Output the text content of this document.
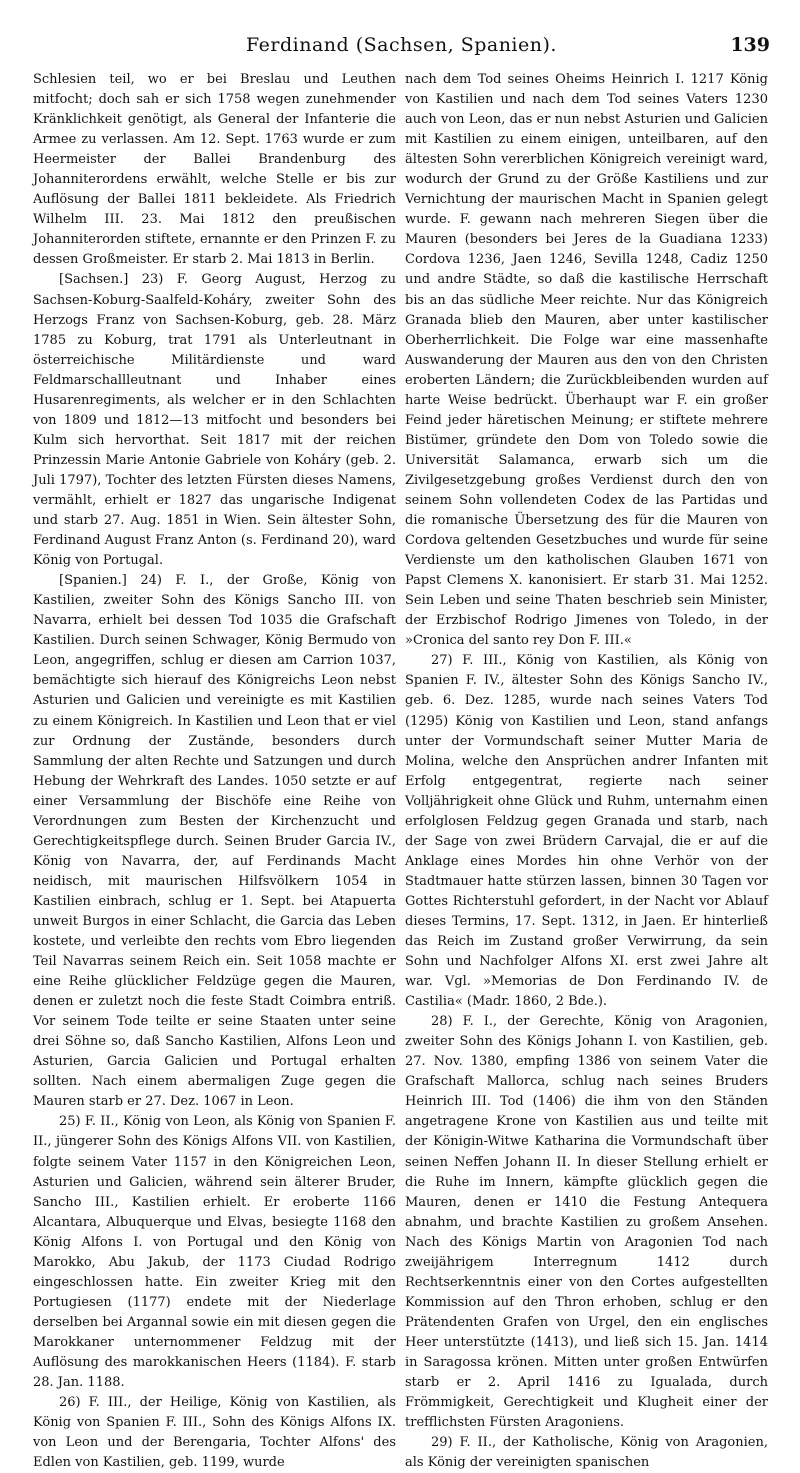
Ferdinand (Sachsen, Spanien).	139

Schlesien teil, wo er bei Breslau und Leuthen mitfocht; doch sah er sich 1758 wegen zunehmender Kränklichkeit genötigt, als General der Infanterie die Armee zu verlassen. Am 12. Sept. 1763 wurde er zum Heermeister der Ballei Brandenburg des Johanniterordens erwählt, welche Stelle er bis zur Auflösung der Ballei 1811 bekleidete. Als Friedrich Wilhelm III. 23. Mai 1812 den preußischen Johanniterorden stiftete, ernannte er den Prinzen F. zu dessen Großmeister. Er starb 2. Mai 1813 in Berlin.

[Sachsen.] 23) F. Georg August, Herzog zu Sachsen-Koburg-Saalfeld-Koháry, zweiter Sohn des Herzogs Franz von Sachsen-Koburg, geb. 28. März 1785 zu Koburg, trat 1791 als Unterleutnant in österreichische Militärdienste und ward Feldmarschallleutnant und Inhaber eines Husarenregiments, als welcher er in den Schlachten von 1809 und 1812—13 mitfocht und besonders bei Kulm sich hervorthat. Seit 1817 mit der reichen Prinzessin Marie Antonie Gabriele von Koháry (geb. 2. Juli 1797), Tochter des letzten Fürsten dieses Namens, vermählt, erhielt er 1827 das ungarische Indigenat und starb 27. Aug. 1851 in Wien. Sein ältester Sohn, Ferdinand August Franz Anton (s. Ferdinand 20), ward König von Portugal.

[Spanien.] 24) F. I., der Große, König von Kastilien, zweiter Sohn des Königs Sancho III. von Navarra, erhielt bei dessen Tod 1035 die Grafschaft Kastilien. Durch seinen Schwager, König Bermudo von Leon, angegriffen, schlug er diesen am Carrion 1037, bemächtigte sich hierauf des Königreichs Leon nebst Asturien und Galicien und vereinigte es mit Kastilien zu einem Königreich. In Kastilien und Leon that er viel zur Ordnung der Zustände, besonders durch Sammlung der alten Rechte und Satzungen und durch Hebung der Wehrkraft des Landes. 1050 setzte er auf einer Versammlung der Bischöfe eine Reihe von Verordnungen zum Besten der Kirchenzucht und Gerechtigkeitspflege durch. Seinen Bruder Garcia IV., König von Navarra, der, auf Ferdinands Macht neidisch, mit maurischen Hilfsvölkern 1054 in Kastilien einbrach, schlug er 1. Sept. bei Atapuerta unweit Burgos in einer Schlacht, die Garcia das Leben kostete, und verleibte den rechts vom Ebro liegenden Teil Navarras seinem Reich ein. Seit 1058 machte er eine Reihe glücklicher Feldzüge gegen die Mauren, denen er zuletzt noch die feste Stadt Coimbra entriß. Vor seinem Tode teilte er seine Staaten unter seine drei Söhne so, daß Sancho Kastilien, Alfons Leon und Asturien, Garcia Galicien und Portugal erhalten sollten. Nach einem abermaligen Zuge gegen die Mauren starb er 27. Dez. 1067 in Leon.

25) F. II., König von Leon, als König von Spanien F. II., jüngerer Sohn des Königs Alfons VII. von Kastilien, folgte seinem Vater 1157 in den Königreichen Leon, Asturien und Galicien, während sein älterer Bruder, Sancho III., Kastilien erhielt. Er eroberte 1166 Alcantara, Albuquerque und Elvas, besiegte 1168 den König Alfons I. von Portugal und den König von Marokko, Abu Jakub, der 1173 Ciudad Rodrigo eingeschlossen hatte. Ein zweiter Krieg mit den Portugiesen (1177) endete mit der Niederlage derselben bei Argannal sowie ein mit diesen gegen die Marokkaner unternommener Feldzug mit der Auflösung des marokkanischen Heers (1184). F. starb 28. Jan. 1188.

26) F. III., der Heilige, König von Kastilien, als König von Spanien F. III., Sohn des Königs Alfons IX. von Leon und der Berengaria, Tochter Alfons' des Edlen von Kastilien, geb. 1199, wurde

nach dem Tod seines Oheims Heinrich I. 1217 König von Kastilien und nach dem Tod seines Vaters 1230 auch von Leon, das er nun nebst Asturien und Galicien mit Kastilien zu einem einigen, unteilbaren, auf den ältesten Sohn vererblichen Königreich vereinigt ward, wodurch der Grund zu der Größe Kastiliens und zur Vernichtung der maurischen Macht in Spanien gelegt wurde. F. gewann nach mehreren Siegen über die Mauren (besonders bei Jeres de la Guadiana 1233) Cordova 1236, Jaen 1246, Sevilla 1248, Cadiz 1250 und andre Städte, so daß die kastilische Herrschaft bis an das südliche Meer reichte. Nur das Königreich Granada blieb den Mauren, aber unter kastilischer Oberherrlichkeit. Die Folge war eine massenhafte Auswanderung der Mauren aus den von den Christen eroberten Ländern; die Zurückbleibenden wurden auf harte Weise bedrückt. Überhaupt war F. ein großer Feind jeder häretischen Meinung; er stiftete mehrere Bistümer, gründete den Dom von Toledo sowie die Universität Salamanca, erwarb sich um die Zivilgesetzgebung großes Verdienst durch den von seinem Sohn vollendeten Codex de las Partidas und die romanische Übersetzung des für die Mauren von Cordova geltenden Gesetzbuches und wurde für seine Verdienste um den katholischen Glauben 1671 von Papst Clemens X. kanonisiert. Er starb 31. Mai 1252. Sein Leben und seine Thaten beschrieb sein Minister, der Erzbischof Rodrigo Jimenes von Toledo, in der »Cronica del santo rey Don F. III.«

27) F. III., König von Kastilien, als König von Spanien F. IV., ältester Sohn des Königs Sancho IV., geb. 6. Dez. 1285, wurde nach seines Vaters Tod (1295) König von Kastilien und Leon, stand anfangs unter der Vormundschaft seiner Mutter Maria de Molina, welche den Ansprüchen andrer Infanten mit Erfolg entgegentrat, regierte nach seiner Volljährigkeit ohne Glück und Ruhm, unternahm einen erfolglosen Feldzug gegen Granada und starb, nach der Sage von zwei Brüdern Carvajal, die er auf die Anklage eines Mordes hin ohne Verhör von der Stadtmauer hatte stürzen lassen, binnen 30 Tagen vor Gottes Richterstuhl gefordert, in der Nacht vor Ablauf dieses Termins, 17. Sept. 1312, in Jaen. Er hinterließ das Reich im Zustand großer Verwirrung, da sein Sohn und Nachfolger Alfons XI. erst zwei Jahre alt war. Vgl. »Memorias de Don Ferdinando IV. de Castilia« (Madr. 1860, 2 Bde.).

28) F. I., der Gerechte, König von Aragonien, zweiter Sohn des Königs Johann I. von Kastilien, geb. 27. Nov. 1380, empfing 1386 von seinem Vater die Grafschaft Mallorca, schlug nach seines Bruders Heinrich III. Tod (1406) die ihm von den Ständen angetragene Krone von Kastilien aus und teilte mit der Königin-Witwe Katharina die Vormundschaft über seinen Neffen Johann II. In dieser Stellung erhielt er die Ruhe im Innern, kämpfte glücklich gegen die Mauren, denen er 1410 die Festung Antequera abnahm, und brachte Kastilien zu großem Ansehen. Nach des Königs Martin von Aragonien Tod nach zweijährigem Interregnum 1412 durch Rechtserkenntnis einer von den Cortes aufgestellten Kommission auf den Thron erhoben, schlug er den Prätendenten Grafen von Urgel, den ein englisches Heer unterstützte (1413), und ließ sich 15. Jan. 1414 in Saragossa krönen. Mitten unter großen Entwürfen starb er 2. April 1416 zu Igualada, durch Frömmigkeit, Gerechtigkeit und Klugheit einer der trefflichsten Fürsten Aragoniens.

29) F. II., der Katholische, König von Aragonien, als König der vereinigten spanischen
